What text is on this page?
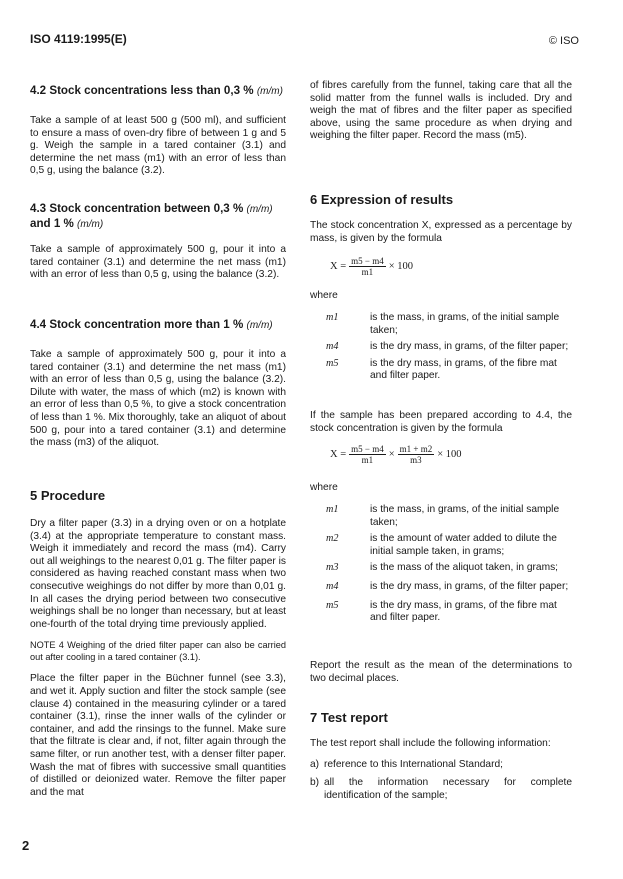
ISO 4119:1995(E)	© ISO
4.2 Stock concentrations less than 0,3 % (m/m)

Take a sample of at least 500 g (500 ml), and sufficient to ensure a mass of oven-dry fibre of between 1 g and 5 g. Weigh the sample in a tared container (3.1) and determine the net mass (m1) with an error of less than 0,5 g, using the balance (3.2).

4.3 Stock concentration between 0,3 % (m/m)
and 1 % (m/m)

Take a sample of approximately 500 g, pour it into a tared container (3.1) and determine the net mass (m1) with an error of less than 0,5 g, using the balance (3.2).

4.4 Stock concentration more than 1 % (m/m)

Take a sample of approximately 500 g, pour it into a tared container (3.1) and determine the net mass (m1) with an error of less than 0,5 g, using the balance (3.2). Dilute with water, the mass of which (m2) is known with an error of less than 0,5 %, to give a stock concentration of less than 1 %. Mix thoroughly, take an aliquot of about 500 g, pour into a tared container (3.1) and determine the mass (m3) of the aliquot.

5 Procedure

Dry a filter paper (3.3) in a drying oven or on a hotplate (3.4) at the appropriate temperature to constant mass. Weigh it immediately and record the mass (m4). Carry out all weighings to the nearest 0,01 g. The filter paper is considered as having reached constant mass when two consecutive weighings do not differ by more than 0,01 g. In all cases the drying period between two consecutive weighings shall be no longer than necessary, but at least one-fourth of the total drying time previously applied.

NOTE 4 Weighing of the dried filter paper can also be carried out after cooling in a tared container (3.1).

Place the filter paper in the Büchner funnel (see 3.3), and wet it. Apply suction and filter the stock sample (see clause 4) contained in the measuring cylinder or a tared container (3.1), rinse the inner walls of the cylinder or container, and add the rinsings to the funnel. Make sure that the filtrate is clear and, if not, filter again through the same filter, or run another test, with a denser filter paper. Wash the mat of fibres with successive small quantities of distilled or deionized water. Remove the filter paper and the mat

of fibres carefully from the funnel, taking care that all the solid matter from the funnel walls is included. Dry and weigh the mat of fibres and the filter paper as specified above, using the same procedure as when drying and weighing the filter paper. Record the mass (m5).

6 Expression of results

The stock concentration X, expressed as a percentage by mass, is given by the formula

$X = \frac{m5 - m4}{m1} \times 100$
where
m1	is the mass, in grams, of the initial sample taken;
m4	is the dry mass, in grams, of the filter paper;
m5	is the dry mass, in grams, of the fibre mat and filter paper.

If the sample has been prepared according to 4.4, the stock concentration is given by the formula

$X = \frac{m5 - m4}{m1} \times \frac{m1 + m2}{m3} \times 100$
where
m1	is the mass, in grams, of the initial sample taken;
m2	is the amount of water added to dilute the initial sample taken, in grams;
m3	is the mass of the aliquot taken, in grams;
m4	is the dry mass, in grams, of the filter paper;
m5	is the dry mass, in grams, of the fibre mat and filter paper.

Report the result as the mean of the determinations to two decimal places.

7 Test report

The test report shall include the following information:

a) reference to this International Standard;
b) all the information necessary for complete identification of the sample;
2
